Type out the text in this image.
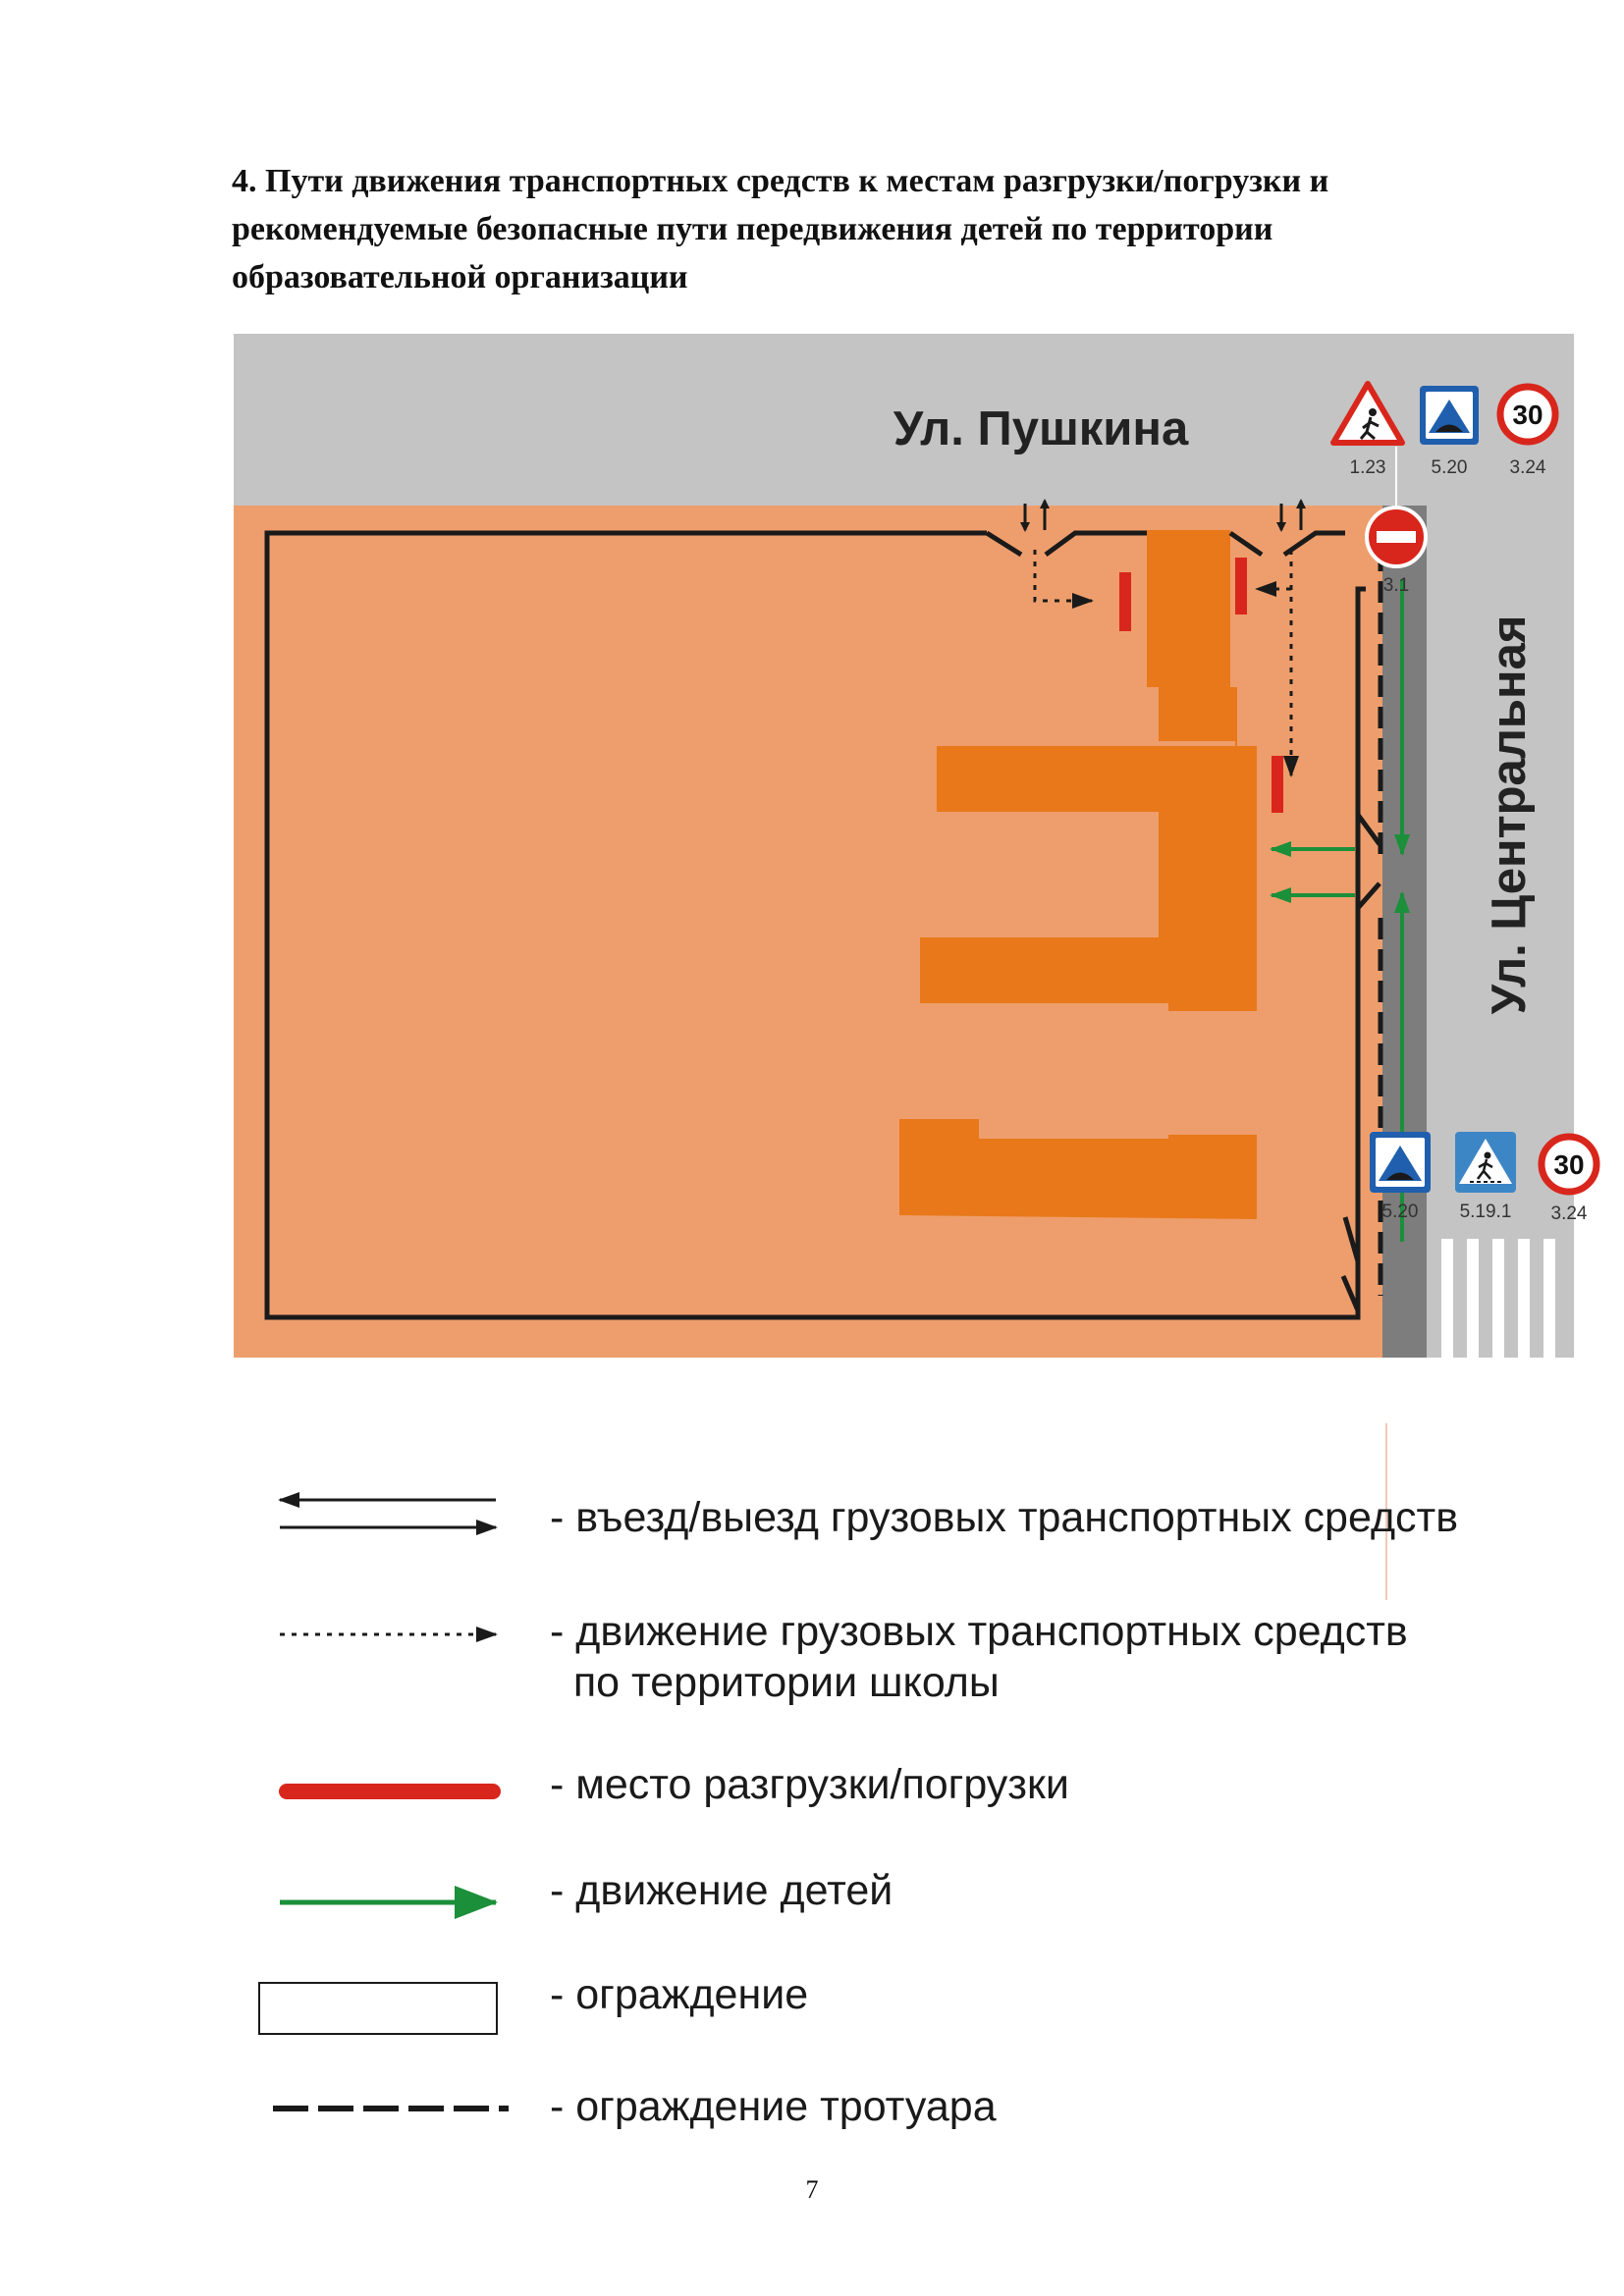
4. Пути движения транспортных средств к местам разгрузки/погрузки и
рекомендуемые безопасные пути передвижения детей по территории
образовательной организации
Ул. Пушкина
Ул. Центральная
1.23 5.20
30
3.24
3.1
5.20 5.19.1
30
3.24
- въезд/выезд грузовых транспортных средств
- движение грузовых транспортных средств
по территории школы
- место разгрузки/погрузки
- движение детей
- ограждение
- ограждение тротуара
7
